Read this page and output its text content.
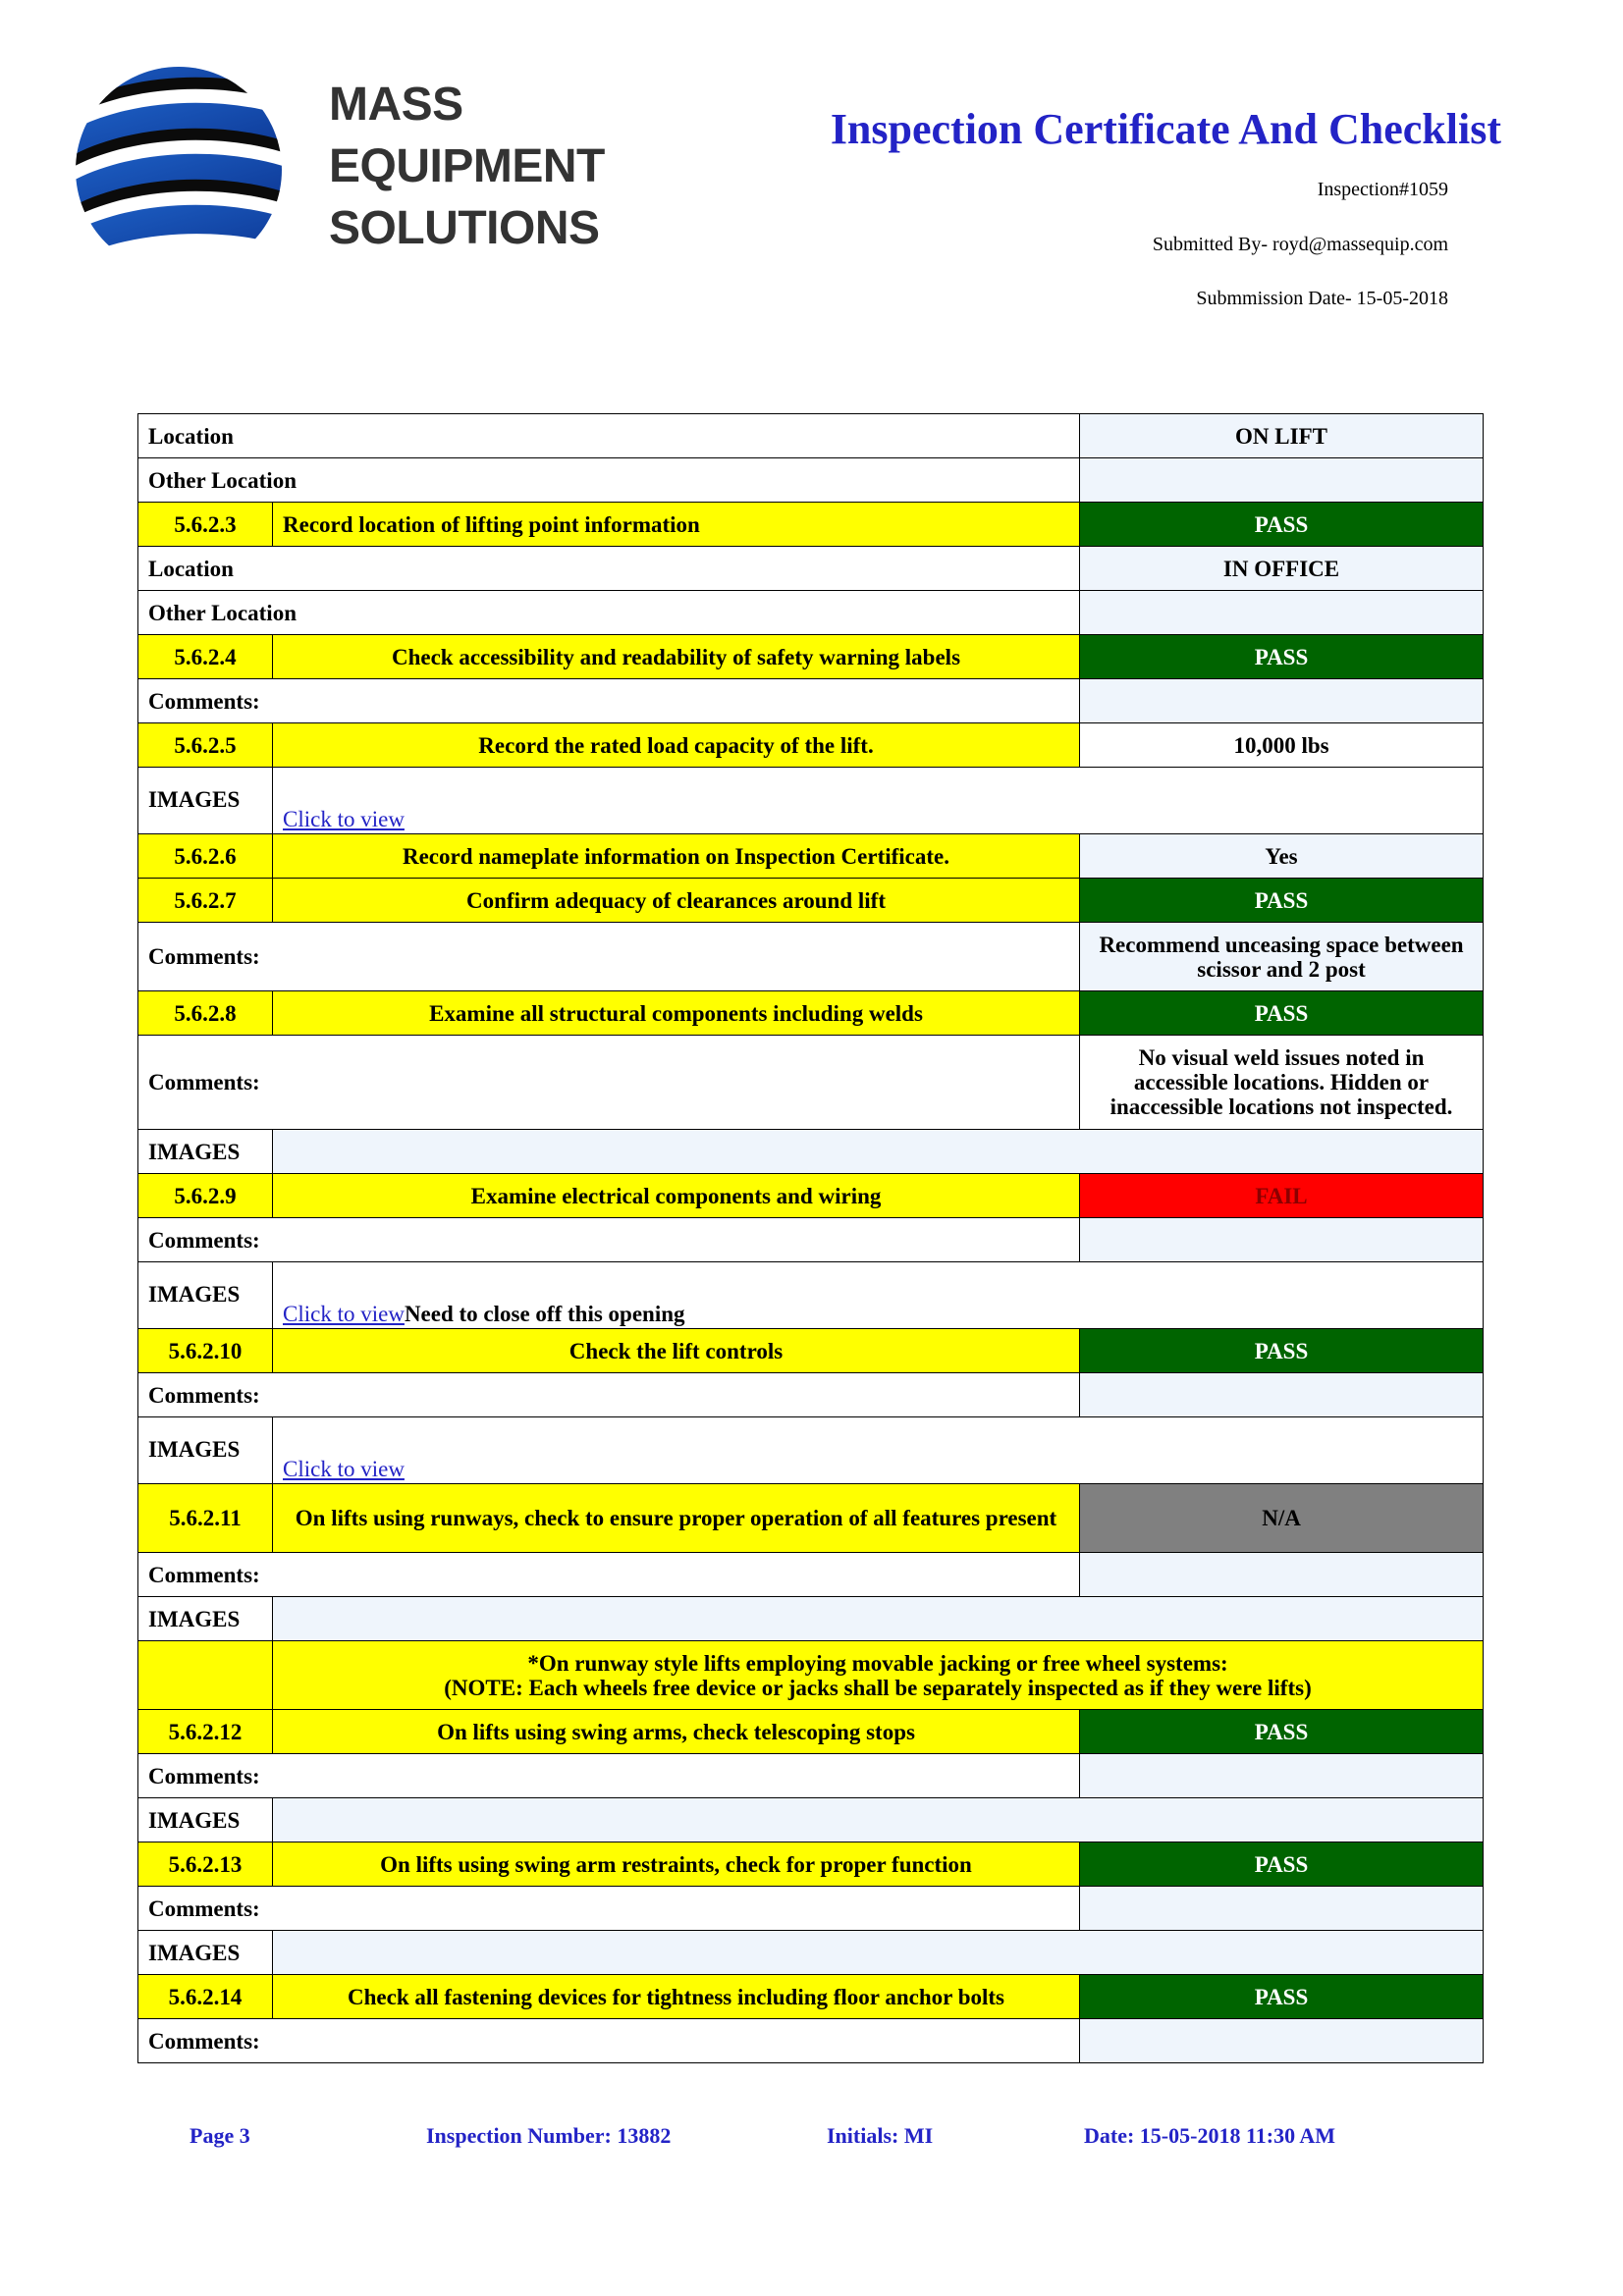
MASS
EQUIPMENT
SOLUTIONS
Inspection Certificate And Checklist
Inspection#1059
Submitted By- royd@massequip.com
Submmission Date- 15-05-2018
Location		ON LIFT
Other Location		
5.6.2.3	Record location of lifting point information	PASS
Location		IN OFFICE
Other Location		
5.6.2.4	Check accessibility and readability of safety warning labels	PASS
Comments:		
5.6.2.5	Record the rated load capacity of the lift.	10,000 lbs
IMAGES	Click to view	
5.6.2.6	Record nameplate information on Inspection Certificate.	Yes
5.6.2.7	Confirm adequacy of clearances around lift	PASS
Comments:		Recommend unceasing space between scissor and 2 post
5.6.2.8	Examine all structural components including welds	PASS
Comments:		No visual weld issues noted in accessible locations. Hidden or inaccessible locations not inspected.
IMAGES		
5.6.2.9	Examine electrical components and wiring	FAIL
Comments:		
IMAGES	Click to viewNeed to close off this opening	
5.6.2.10	Check the lift controls	PASS
Comments:		
IMAGES	Click to view	
5.6.2.11	On lifts using runways, check to ensure proper operation of all features present	N/A
Comments:		
IMAGES		

	*On runway style lifts employing movable jacking or free wheel systems:
(NOTE: Each wheels free device or jacks shall be separately inspected as if they were lifts)	

5.6.2.12	On lifts using swing arms, check telescoping stops	PASS
Comments:		
IMAGES		
5.6.2.13	On lifts using swing arm restraints, check for proper function	PASS
Comments:		
IMAGES		
5.6.2.14	Check all fastening devices for tightness including floor anchor bolts	PASS
Comments:		
Page 3	Inspection Number: 13882	Initials: MI	Date: 15-05-2018 11:30 AM
